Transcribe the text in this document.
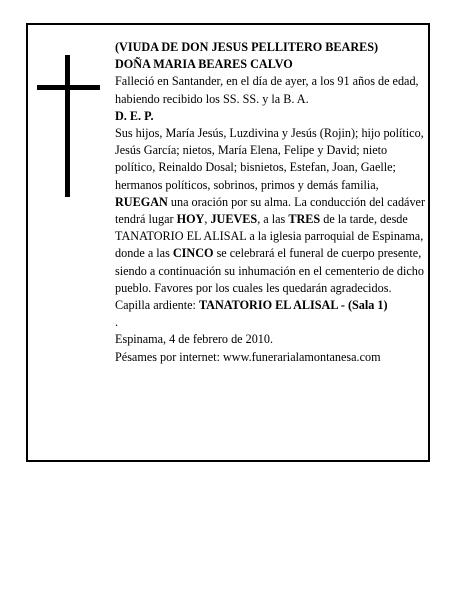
(VIUDA DE DON JESUS PELLITERO BEARES)

DOÑA MARIA BEARES CALVO

Falleció en Santander, en el día de ayer, a los 91 años de edad, habiendo recibido los SS. SS. y la B. A.

D. E. P.

Sus hijos, María Jesús, Luzdivina y Jesús (Rojin); hijo político, Jesús García; nietos, María Elena, Felipe y David; nieto político, Reinaldo Dosal; bisnietos, Estefan, Joan, Gaelle; hermanos políticos, sobrinos, primos y demás familia,

RUEGAN una oración por su alma. La conducción del cadáver tendrá lugar HOY, JUEVES, a las TRES de la tarde, desde TANATORIO EL ALISAL a la iglesia parroquial de Espinama, donde a las CINCO se celebrará el funeral de cuerpo presente, siendo a continuación su inhumación en el cementerio de dicho pueblo. Favores por los cuales les quedarán agradecidos.

Capilla ardiente: TANATORIO EL ALISAL - (Sala 1)

.

Espinama, 4 de febrero de 2010.

Pésames por internet: www.funerarialamontanesa.com
